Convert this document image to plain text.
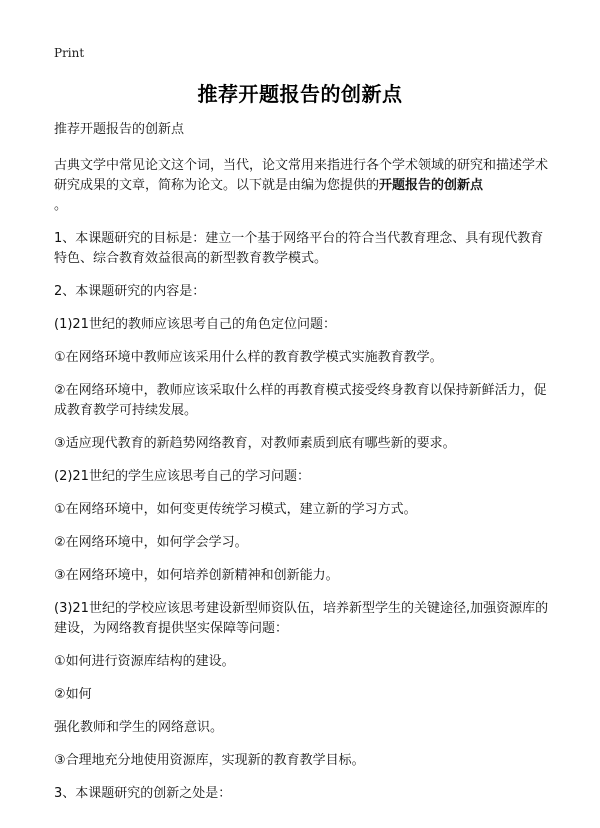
Print
推荐开题报告的创新点

推荐开题报告的创新点

古典文学中常见论文这个词，当代，论文常用来指进行各个学术领域的研究和描述学术研究成果的文章，简称为论文。以下就是由编为您提供的开题报告的创新点
。

1、本课题研究的目标是：建立一个基于网络平台的符合当代教育理念、具有现代教育特色、综合教育效益很高的新型教育教学模式。

2、本课题研究的内容是：

(1)21世纪的教师应该思考自己的角色定位问题：

①在网络环境中教师应该采用什么样的教育教学模式实施教育教学。

②在网络环境中，教师应该采取什么样的再教育模式接受终身教育以保持新鲜活力，促成教育教学可持续发展。

③适应现代教育的新趋势网络教育，对教师素质到底有哪些新的要求。

(2)21世纪的学生应该思考自己的学习问题：

①在网络环境中，如何变更传统学习模式，建立新的学习方式。

②在网络环境中，如何学会学习。

③在网络环境中，如何培养创新精神和创新能力。

(3)21世纪的学校应该思考建设新型师资队伍，培养新型学生的关键途径,加强资源库的建设，为网络教育提供坚实保障等问题：

①如何进行资源库结构的建设。

②如何

强化教师和学生的网络意识。

③合理地充分地使用资源库，实现新的教育教学目标。

3、本课题研究的创新之处是：
